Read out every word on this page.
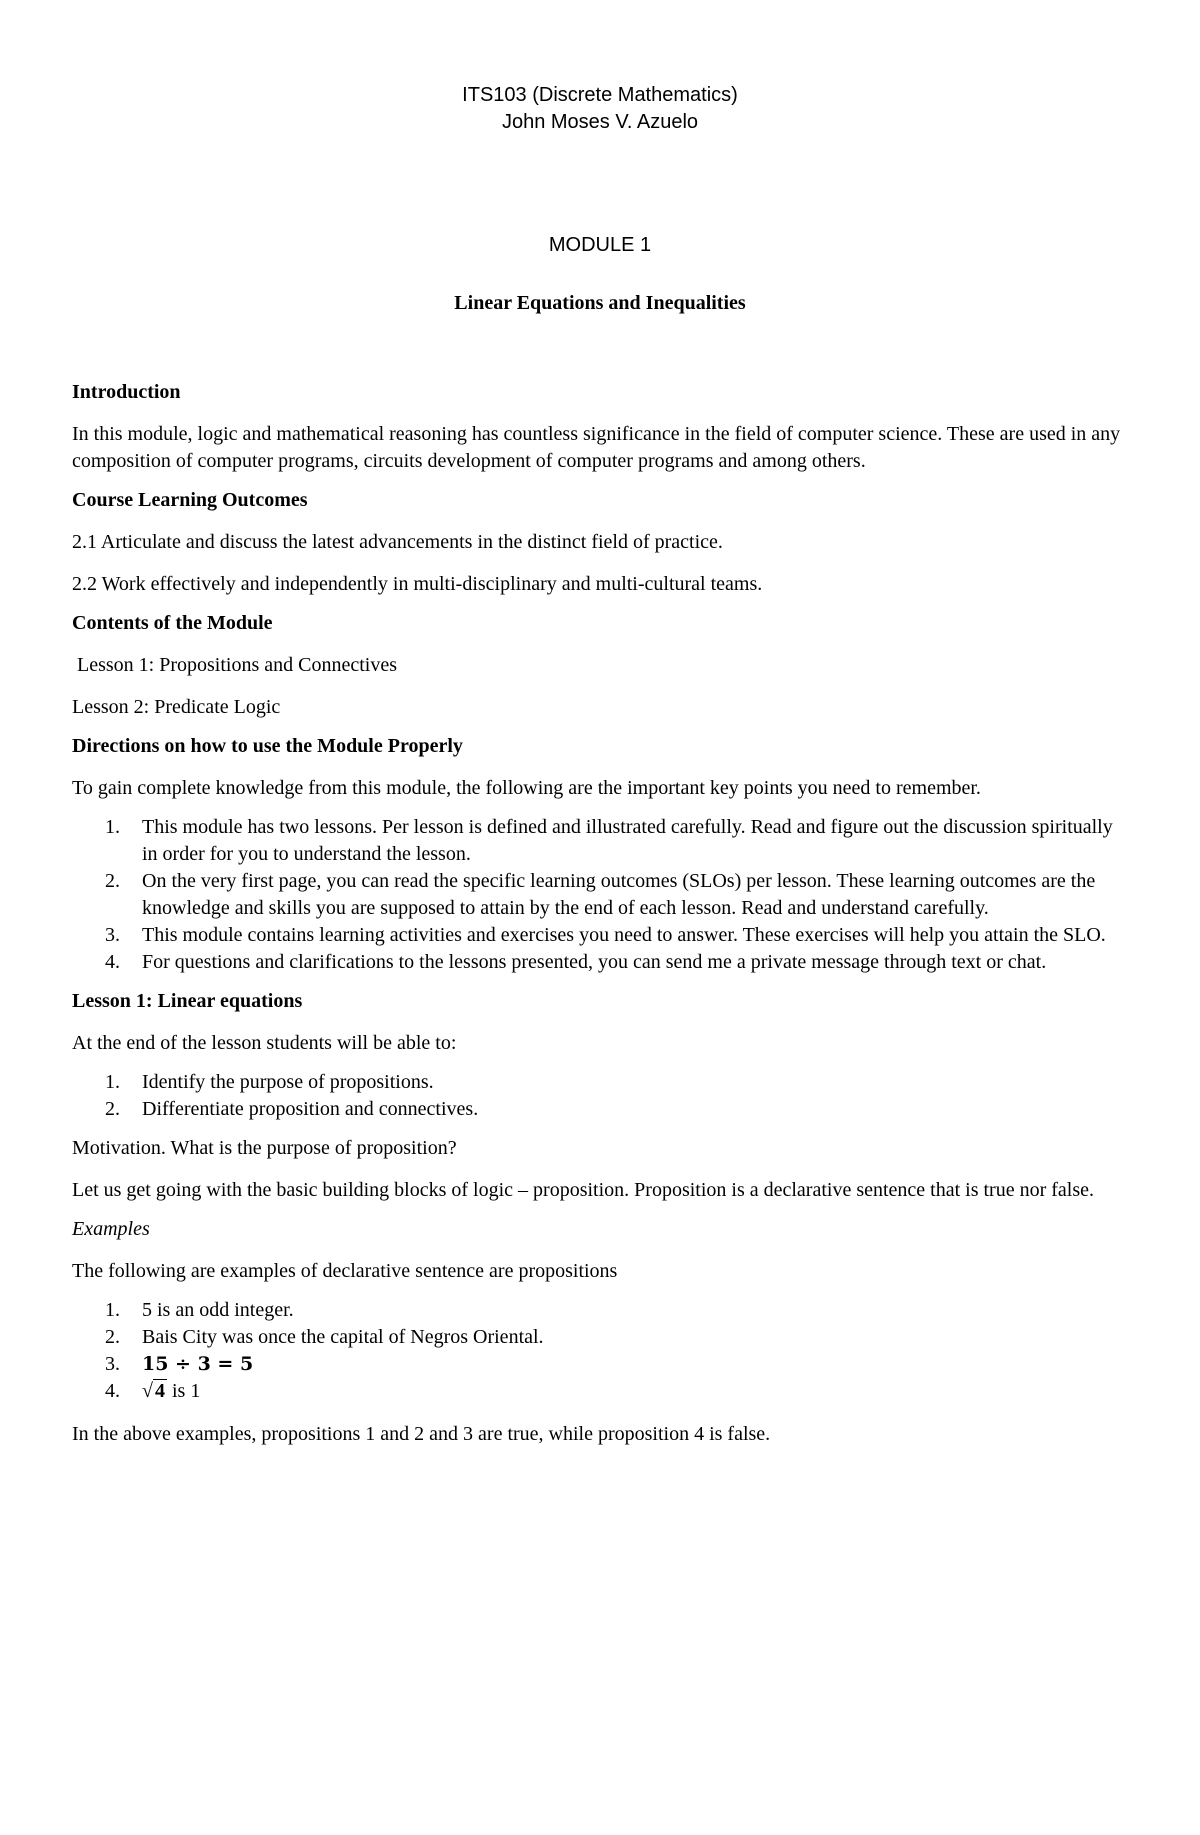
ITS103 (Discrete Mathematics)

John Moses V. Azuelo

MODULE 1
Linear Equations and Inequalities

Introduction

In this module, logic and mathematical reasoning has countless significance in the field of computer science. These are used in any composition of computer programs, circuits development of computer programs and among others.

Course Learning Outcomes

2.1 Articulate and discuss the latest advancements in the distinct field of practice.

2.2 Work effectively and independently in multi-disciplinary and multi-cultural teams.

Contents of the Module

Lesson 1: Propositions and Connectives

Lesson 2: Predicate Logic

Directions on how to use the Module Properly

To gain complete knowledge from this module, the following are the important key points you need to remember.

1. This module has two lessons. Per lesson is defined and illustrated carefully. Read and figure out the discussion spiritually in order for you to understand the lesson.
2. On the very first page, you can read the specific learning outcomes (SLOs) per lesson. These learning outcomes are the knowledge and skills you are supposed to attain by the end of each lesson. Read and understand carefully.
3. This module contains learning activities and exercises you need to answer. These exercises will help you attain the SLO.
4. For questions and clarifications to the lessons presented, you can send me a private message through text or chat.

Lesson 1: Linear equations

At the end of the lesson students will be able to:

1. Identify the purpose of propositions.
2. Differentiate proposition and connectives.

Motivation. What is the purpose of proposition?

Let us get going with the basic building blocks of logic – proposition. Proposition is a declarative sentence that is true nor false.

Examples

The following are examples of declarative sentence are propositions

1. 5 is an odd integer.
2. Bais City was once the capital of Negros Oriental.
3. 15 ÷ 3 = 5
4. √ 4 is 1

In the above examples, propositions 1 and 2 and 3 are true, while proposition 4 is false.
